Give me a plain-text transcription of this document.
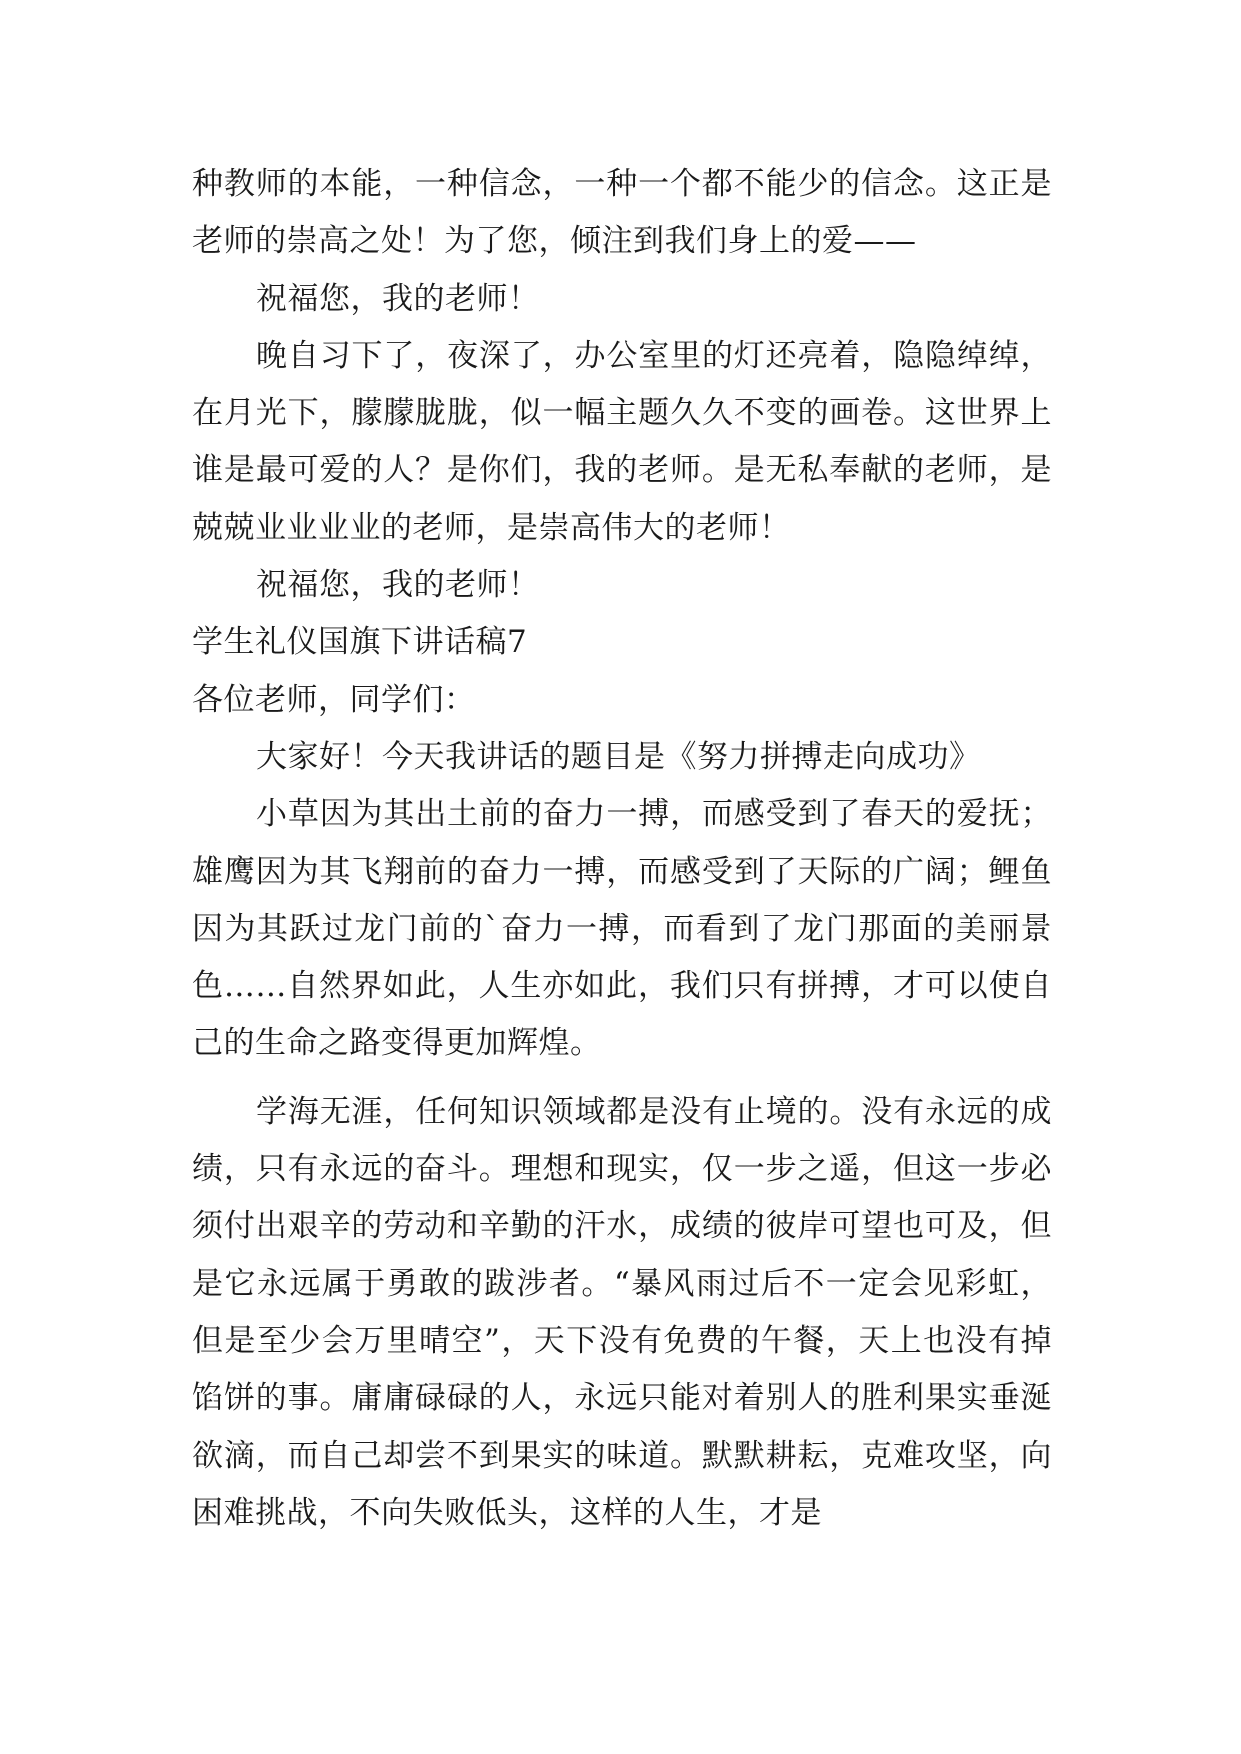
种教师的本能，一种信念，一种一个都不能少的信念。这正是老师的崇高之处！为了您，倾注到我们身上的爱——

祝福您，我的老师！

晚自习下了，夜深了，办公室里的灯还亮着，隐隐绰绰，在月光下，朦朦胧胧，似一幅主题久久不变的画卷。这世界上谁是最可爱的人？是你们，我的老师。是无私奉献的老师，是兢兢业业业业的老师，是崇高伟大的老师！

祝福您，我的老师！

学生礼仪国旗下讲话稿7

各位老师，同学们：

大家好！今天我讲话的题目是《努力拼搏走向成功》

小草因为其出土前的奋力一搏，而感受到了春天的爱抚；雄鹰因为其飞翔前的奋力一搏，而感受到了天际的广阔；鲤鱼因为其跃过龙门前的`奋力一搏，而看到了龙门那面的美丽景色……自然界如此，人生亦如此，我们只有拼搏，才可以使自己的生命之路变得更加辉煌。

学海无涯，任何知识领域都是没有止境的。没有永远的成绩，只有永远的奋斗。理想和现实，仅一步之遥，但这一步必须付出艰辛的劳动和辛勤的汗水，成绩的彼岸可望也可及，但是它永远属于勇敢的跋涉者。“暴风雨过后不一定会见彩虹，但是至少会万里晴空”，天下没有免费的午餐，天上也没有掉馅饼的事。庸庸碌碌的人，永远只能对着别人的胜利果实垂涎欲滴，而自己却尝不到果实的味道。默默耕耘，克难攻坚，向困难挑战，不向失败低头，这样的人生，才是
